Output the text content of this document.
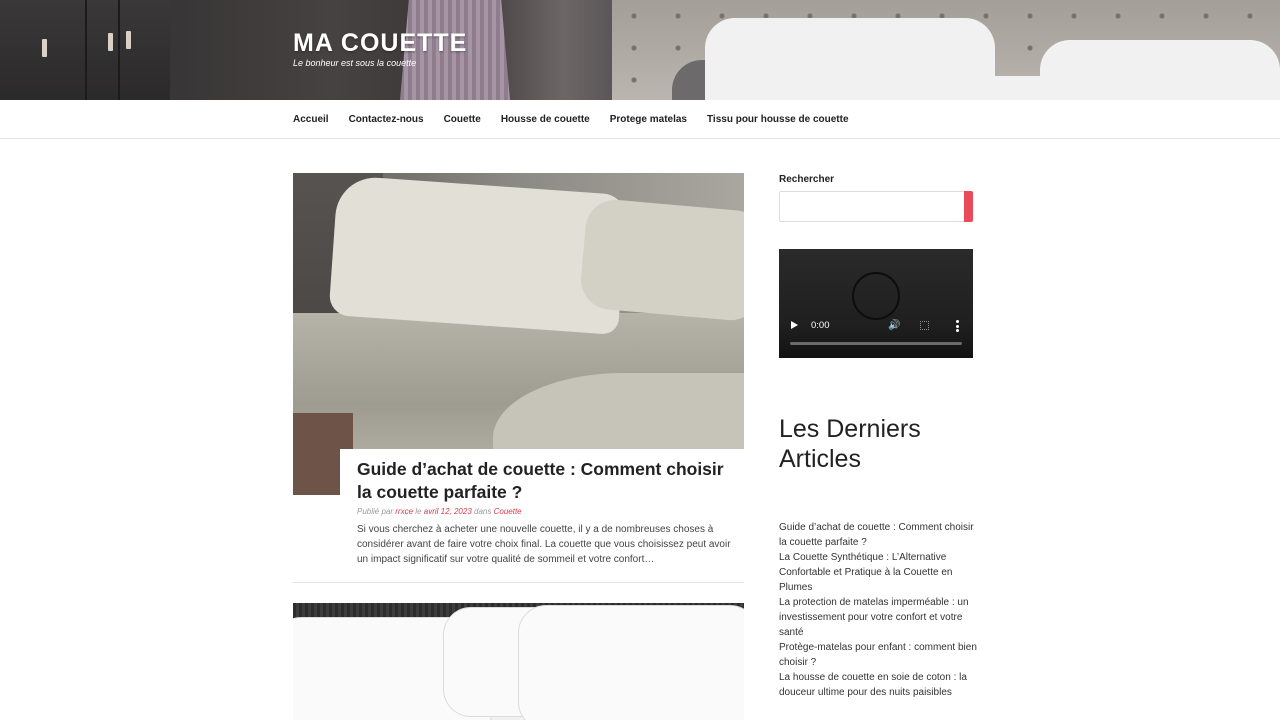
MA COUETTE
Le bonheur est sous la couette
Accueil Contactez-nous Couette Housse de couette Protege matelas Tissu pour housse de couette
Guide d’achat de couette : Comment choisir la couette parfaite ?
Publié par rrxce le avril 12, 2023 dans Couette

Si vous cherchez à acheter une nouvelle couette, il y a de nombreuses choses à considérer avant de faire votre choix final. La couette que vous choisissez peut avoir un impact significatif sur votre qualité de sommeil et votre confort…

Rechercher
0:00	🔊
Les Derniers Articles
Guide d’achat de couette : Comment choisir la couette parfaite ?
La Couette Synthétique : L’Alternative Confortable et Pratique à la Couette en Plumes
La protection de matelas imperméable : un investissement pour votre confort et votre santé
Protège-matelas pour enfant : comment bien choisir ?
La housse de couette en soie de coton : la douceur ultime pour des nuits paisibles
